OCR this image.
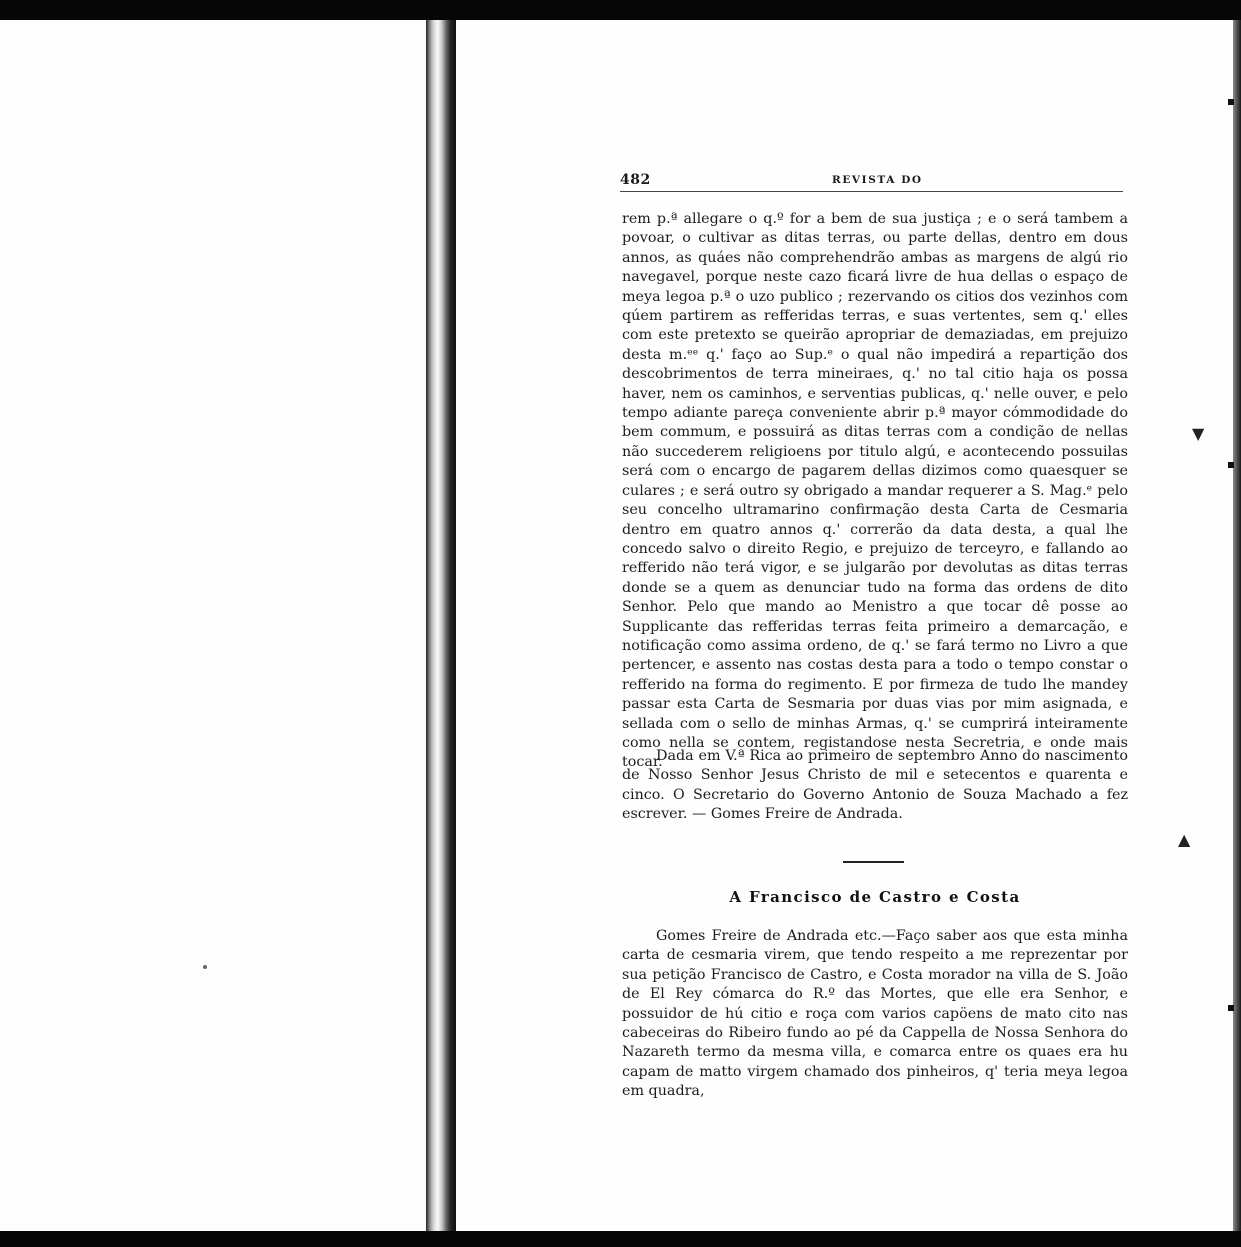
▼
▲
482	REVISTA DO

rem p.ª allegare o q.º for a bem de sua justiça ; e o será tambem a povoar, o cultivar as ditas terras, ou parte dellas, dentro em dous annos, as quáes não comprehendrão ambas as margens de algú rio navegavel, porque neste cazo ficará livre de hua dellas o espaço de meya legoa p.ª o uzo publico ; rezervando os citios dos vezinhos com qúem partirem as refferidas terras, e suas vertentes, sem q.' elles com este pretexto se queirão apropriar de demaziadas, em prejuizo desta m.ᵉᵉ q.' faço ao Sup.ᵉ o qual não impedirá a repartição dos descobrimentos de terra mineiraes, q.' no tal citio haja os possa haver, nem os caminhos, e serventias publicas, q.' nelle ouver, e pelo tempo adiante pareça conveniente abrir p.ª mayor cómmodidade do bem commum, e possuirá as ditas terras com a condição de nellas não succederem religioens por titulo algú, e acontecendo possuilas será com o encargo de pagarem dellas dizimos como quaesquer se culares ; e será outro sy obrigado a mandar requerer a S. Mag.ᵉ pelo seu concelho ultramarino confirmação desta Carta de Cesmaria dentro em quatro annos q.' correrão da data desta, a qual lhe concedo salvo o direito Regio, e prejuizo de terceyro, e fallando ao refferido não terá vigor, e se julgarão por devolutas as ditas terras donde se a quem as denunciar tudo na forma das ordens de dito Senhor. Pelo que mando ao Menistro a que tocar dê posse ao Supplicante das refferidas terras feita primeiro a demarcação, e notificação como assima ordeno, de q.' se fará termo no Livro a que pertencer, e assento nas costas desta para a todo o tempo constar o refferido na forma do regimento. E por firmeza de tudo lhe mandey passar esta Carta de Sesmaria por duas vias por mim asignada, e sellada com o sello de minhas Armas, q.' se cumprirá inteiramente como nella se contem, registandose nesta Secretria, e onde mais tocar.

Dada em V.ª Rica ao primeiro de septembro Anno do nascimento de Nosso Senhor Jesus Christo de mil e setecentos e quarenta e cinco. O Secretario do Governo Antonio de Souza Machado a fez escrever. — Gomes Freire de Andrada.

A Francisco de Castro e Costa

Gomes Freire de Andrada etc.—Faço saber aos que esta minha carta de cesmaria virem, que tendo respeito a me reprezentar por sua petição Francisco de Castro, e Costa morador na villa de S. João de El Rey cómarca do R.º das Mortes, que elle era Senhor, e possuidor de hú citio e roça com varios capöens de mato cito nas cabeceiras do Ribeiro fundo ao pé da Cappella de Nossa Senhora do Nazareth termo da mesma villa, e comarca entre os quaes era hu capam de matto virgem chamado dos pinheiros, q' teria meya legoa em quadra,
